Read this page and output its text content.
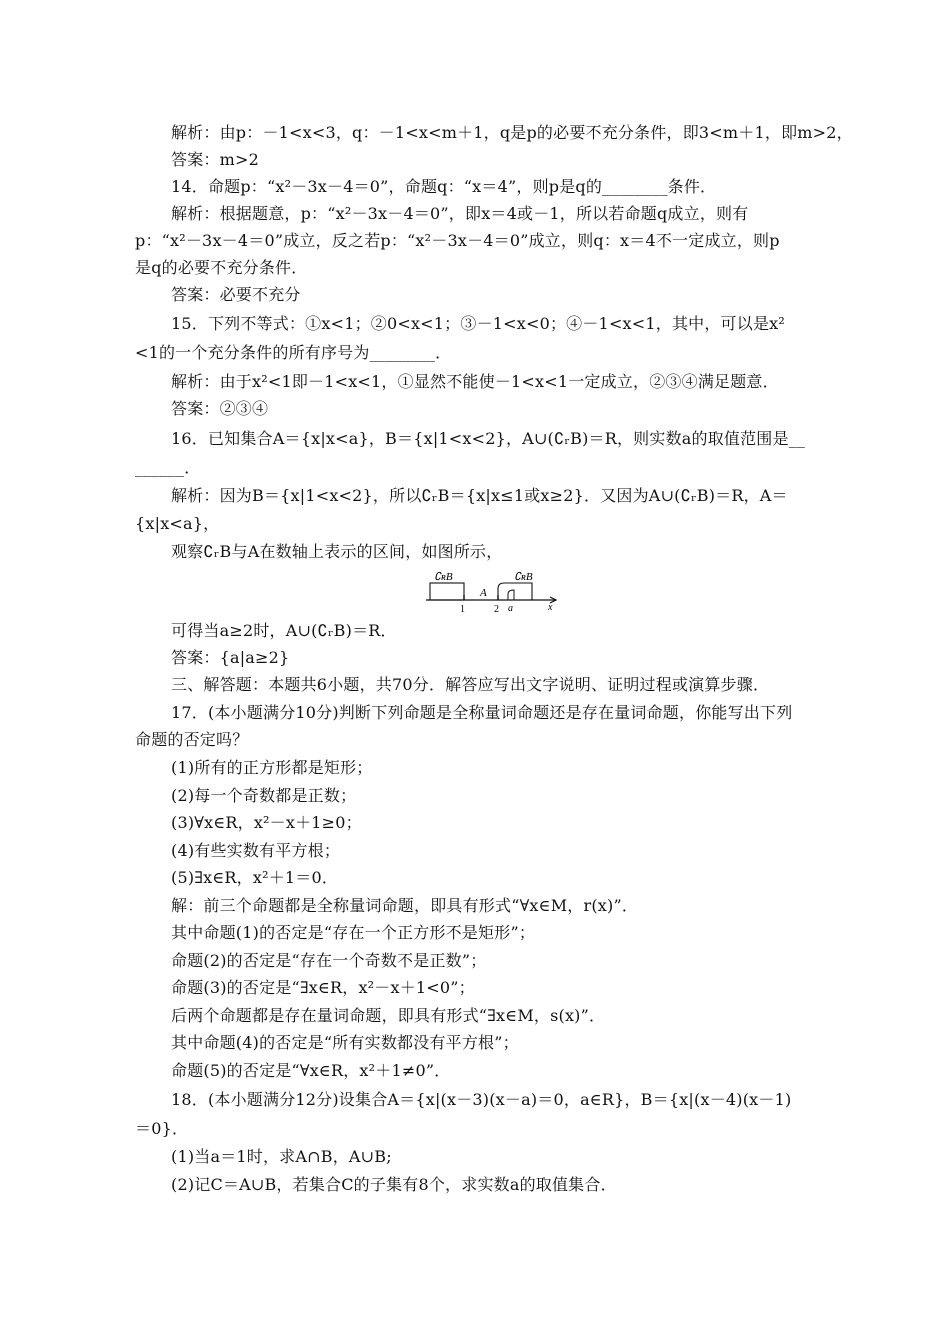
解析：由p：－1<x<3，q：－1<x<m＋1，q是p的必要不充分条件，即3<m＋1，即m>2，
答案：m>2
14．命题p：“x²－3x－4＝0”，命题q：“x＝4”，则p是q的________条件．
解析：根据题意，p：“x²－3x－4＝0”，即x＝4或－1，所以若命题q成立，则有
p：“x²－3x－4＝0”成立，反之若p：“x²－3x－4＝0”成立，则q：x＝4不一定成立，则p
是q的必要不充分条件．
答案：必要不充分
15．下列不等式：①x<1；②0<x<1；③－1<x<0；④－1<x<1，其中，可以是x²
<1的一个充分条件的所有序号为________．
解析：由于x²<1即－1<x<1，①显然不能使－1<x<1一定成立，②③④满足题意．
答案：②③④
16．已知集合A＝{x|x<a}，B＝{x|1<x<2}，A∪(∁ᵣB)＝R，则实数a的取值范围是__
______．
解析：因为B＝{x|1<x<2}，所以∁ᵣB＝{x|x≤1或x≥2}．又因为A∪(∁ᵣB)＝R，A＝
{x|x<a}，
观察∁ᵣB与A在数轴上表示的区间，如图所示，
∁ʀB	∁ʀB
A
1	2 a	x
可得当a≥2时，A∪(∁ᵣB)＝R．
答案：{a|a≥2}
三、解答题：本题共6小题，共70分．解答应写出文字说明、证明过程或演算步骤．
17．(本小题满分10分)判断下列命题是全称量词命题还是存在量词命题，你能写出下列
命题的否定吗？
(1)所有的正方形都是矩形；
(2)每一个奇数都是正数；
(3)∀x∈R，x²－x＋1≥0；
(4)有些实数有平方根；
(5)∃x∈R，x²＋1＝0．
解：前三个命题都是全称量词命题，即具有形式“∀x∈M，r(x)”．
其中命题(1)的否定是“存在一个正方形不是矩形”；
命题(2)的否定是“存在一个奇数不是正数”；
命题(3)的否定是“∃x∈R，x²－x＋1<0”；
后两个命题都是存在量词命题，即具有形式“∃x∈M，s(x)”．
其中命题(4)的否定是“所有实数都没有平方根”；
命题(5)的否定是“∀x∈R，x²＋1≠0”．
18．(本小题满分12分)设集合A＝{x|(x－3)(x－a)＝0，a∈R}，B＝{x|(x－4)(x－1)
＝0}．
(1)当a＝1时，求A∩B，A∪B;
(2)记C＝A∪B，若集合C的子集有8个，求实数a的取值集合．
